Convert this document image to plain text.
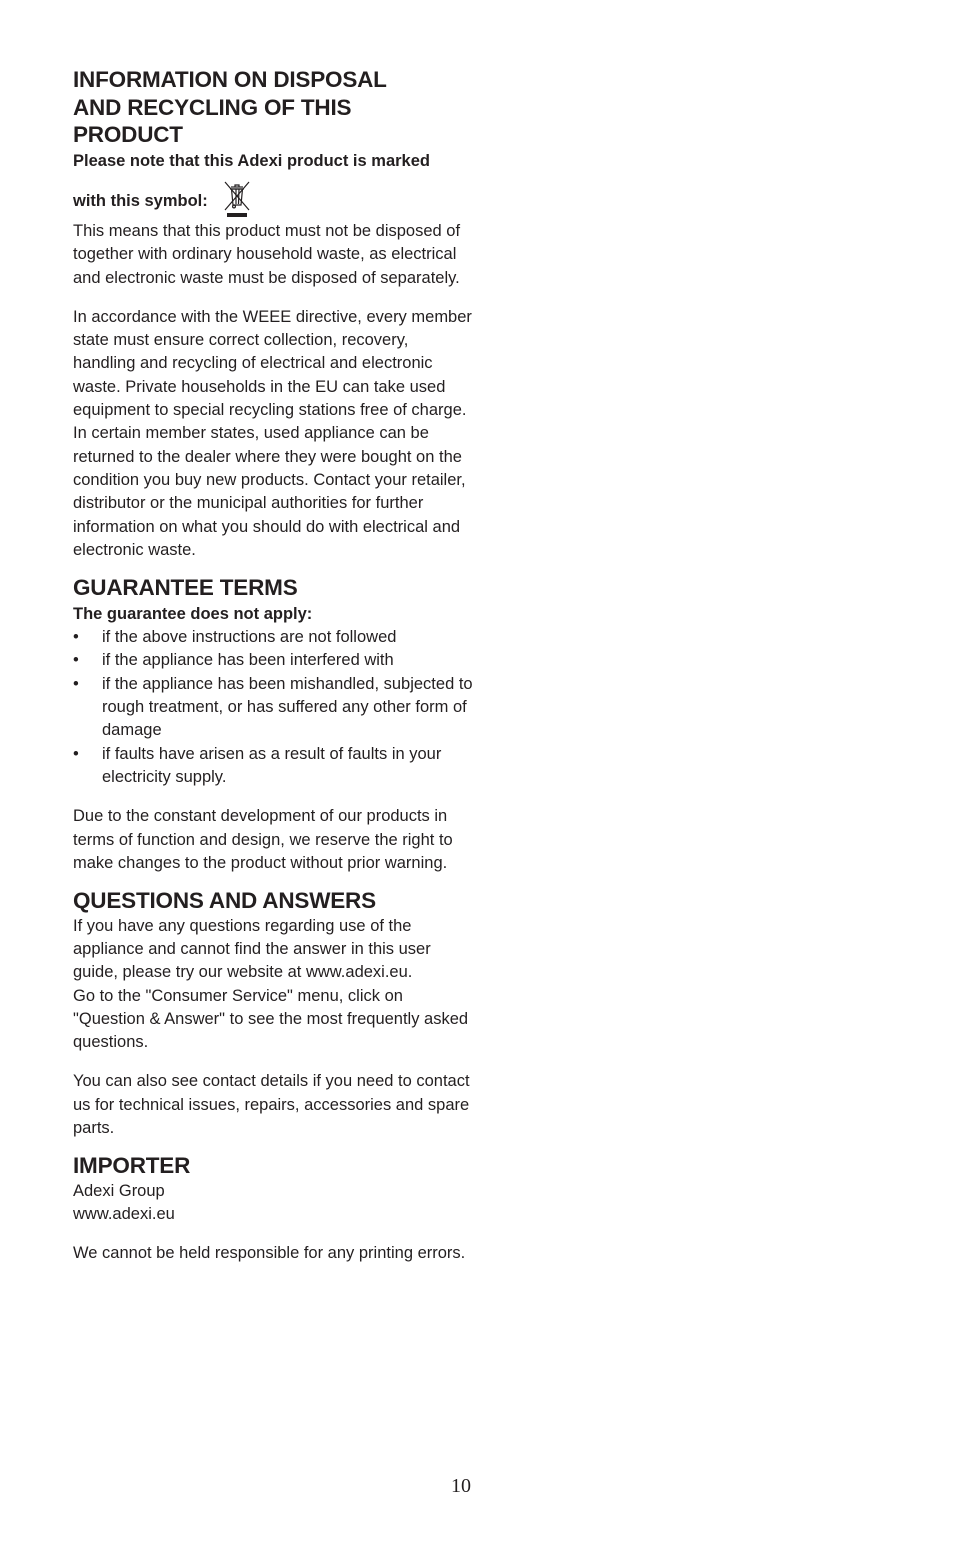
INFORMATION ON DISPOSAL
AND RECYCLING OF THIS
PRODUCT
Please note that this Adexi product is marked
with this symbol:

This means that this product must not be disposed of together with ordinary household waste, as electrical and electronic waste must be disposed of separately.

In accordance with the WEEE directive, every member state must ensure correct collection, recovery, handling and recycling of electrical and electronic waste. Private households in the EU can take used equipment to special recycling stations free of charge. In certain member states, used appliance can be returned to the dealer where they were bought on the condition you buy new products. Contact your retailer, distributor or the municipal authorities for further information on what you should do with electrical and electronic waste.

GUARANTEE TERMS
The guarantee does not apply:
• if the above instructions are not followed
• if the appliance has been interfered with
• if the appliance has been mishandled, subjected to rough treatment, or has suffered any other form of damage
• if faults have arisen as a result of faults in your electricity supply.

Due to the constant development of our products in terms of function and design, we reserve the right to make changes to the product without prior warning.

QUESTIONS AND ANSWERS

If you have any questions regarding use of the appliance and cannot find the answer in this user guide, please try our website at www.adexi.eu.

Go to the "Consumer Service" menu, click on "Question & Answer" to see the most frequently asked questions.

You can also see contact details if you need to contact us for technical issues, repairs, accessories and spare parts.

IMPORTER

Adexi Group

www.adexi.eu

We cannot be held responsible for any printing errors.

10
